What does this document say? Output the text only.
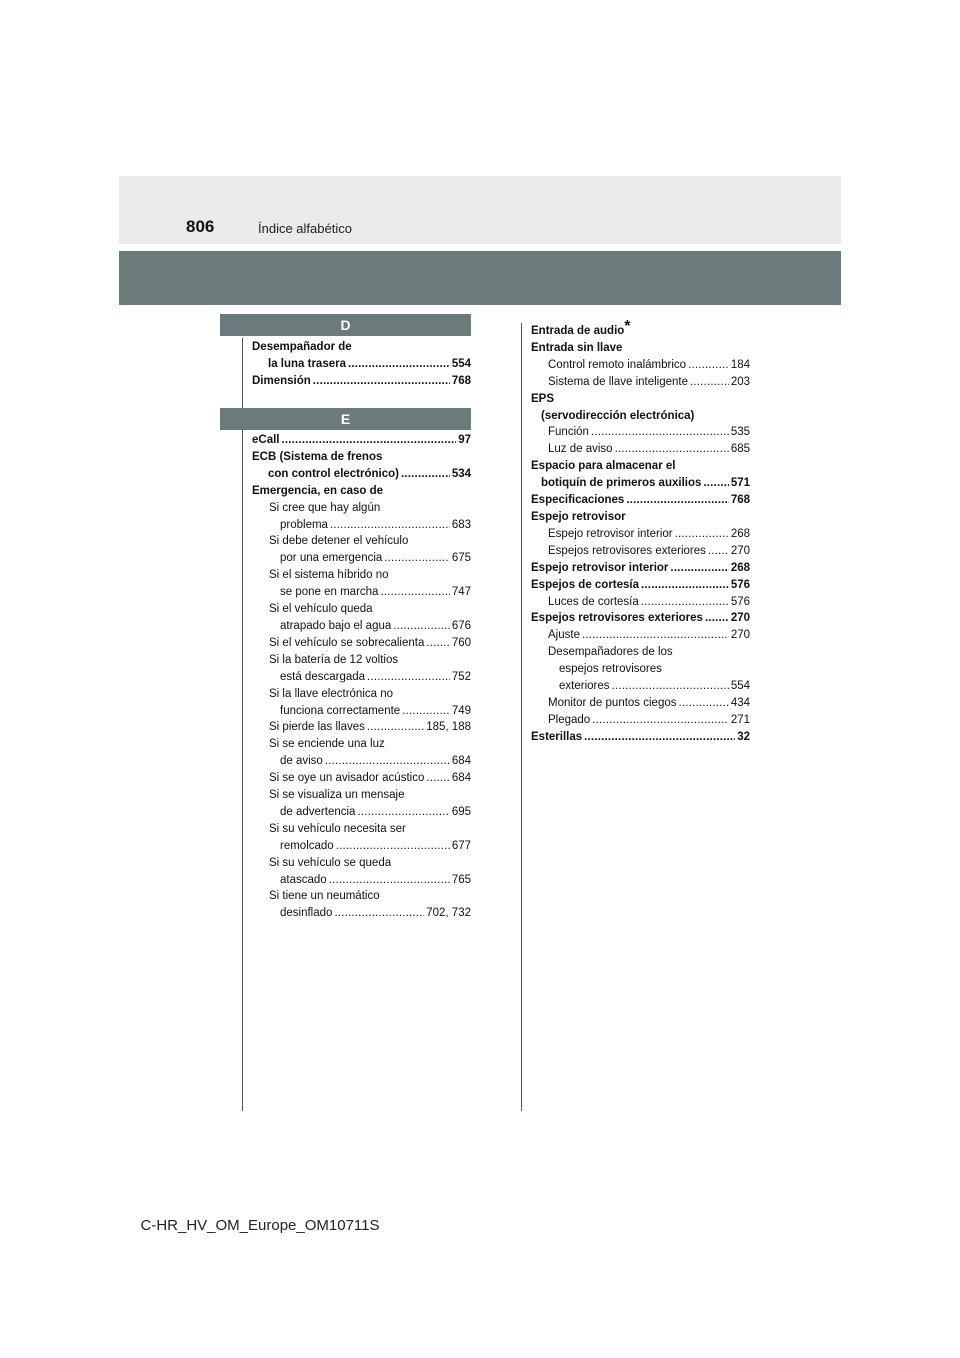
806	Índice alfabético
D
Desempañador de
la luna trasera . . .	554
Dimensión . . .	768
E
eCall . . .	97
ECB (Sistema de frenos
con control electrónico) . . .	534
Emergencia, en caso de
Si cree que hay algún
problema . . .	683
Si debe detener el vehículo
por una emergencia . . .	675
Si el sistema híbrido no
se pone en marcha . . .	747
Si el vehículo queda
atrapado bajo el agua . . .	676
Si el vehículo se sobrecalienta . . . 760
Si la batería de 12 voltios
está descargada . . .	752
Si la llave electrónica no
funciona correctamente . . .	749
Si pierde las llaves . . .	185, 188
Si se enciende una luz
de aviso . . .	684
Si se oye un avisador acústico . . . 684
Si se visualiza un mensaje
de advertencia . . .	695
Si su vehículo necesita ser
remolcado . . .	677
Si su vehículo se queda
atascado . . .	765
Si tiene un neumático
desinflado . . .	702, 732
Entrada de audio *
Entrada sin llave
Control remoto inalámbrico . . .	184
Sistema de llave inteligente . . .	203
EPS
(servodirección electrónica)
Función . . .	535
Luz de aviso . . .	685
Espacio para almacenar el
botiquín de primeros auxilios . . .	571
Especificaciones . . .	768
Espejo retrovisor
Espejo retrovisor interior . . .	268
Espejos retrovisores exteriores . . . 270
Espejo retrovisor interior . . .	268
Espejos de cortesía . . .	576
Luces de cortesía . . .	576
Espejos retrovisores exteriores . . . 270
Ajuste . . .	270
Desempañadores de los
espejos retrovisores
exteriores . . .	554
Monitor de puntos ciegos . . .	434
Plegado . . .	271
Esterillas . . .	32
C-HR_HV_OM_Europe_OM10711S
